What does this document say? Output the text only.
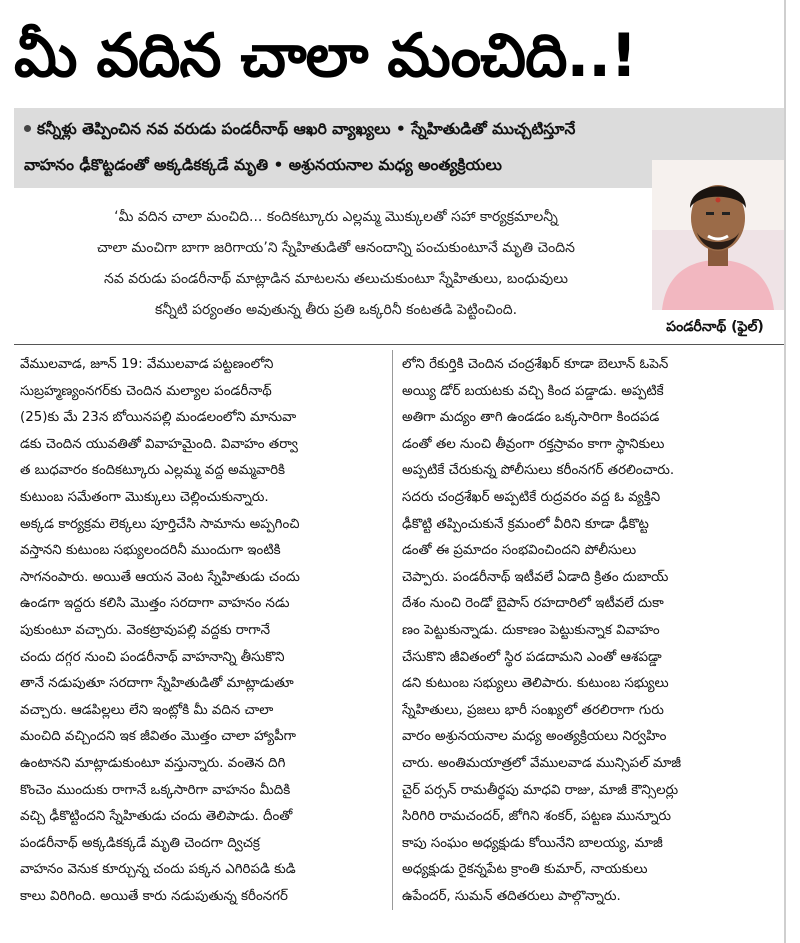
మీ వదిన చాలా మంచిది..!
కన్నీళ్లు తెప్పించిన నవ వరుడు పండరీనాథ్ ఆఖరి వ్యాఖ్యలు • స్నేహితుడితో ముచ్చటిస్తూనే
వాహనం ఢీకొట్టడంతో అక్కడికక్కడే మృతి • అశ్రునయనాల మధ్య అంత్యక్రియలు
‘మీ వదిన చాలా మంచిది... కందికట్కూరు ఎల్లమ్మ మొక్కులతో సహా కార్యక్రమాలన్నీ
చాలా మంచిగా బాగా జరిగాయ’ని స్నేహితుడితో ఆనందాన్ని పంచుకుంటూనే మృతి చెందిన
నవ వరుడు పండరీనాథ్ మాట్లాడిన మాటలను తలుచుకుంటూ స్నేహితులు, బంధువులు
కన్నీటి పర్యంతం అవుతున్న తీరు ప్రతి ఒక్కరినీ కంటతడి పెట్టించింది.
పండరీనాథ్ (ఫైల్)
వేములవాడ, జూన్ 19: వేములవాడ పట్టణంలోని
సుబ్రహ్మణ్యంనగర్‌కు చెందిన మల్యాల పండరీనాథ్
(25)కు మే 23న బోయినపల్లి మండలంలోని మానువా
డకు చెందిన యువతితో వివాహమైంది. వివాహం తర్వా
త బుధవారం కందికట్కూరు ఎల్లమ్మ వద్ద అమ్మవారికి
కుటుంబ సమేతంగా మొక్కులు చెల్లించుకున్నారు.
అక్కడ కార్యక్రమ లెక్కలు పూర్తిచేసి సామాను అప్పగించి
వస్తానని కుటుంబ సభ్యులందరినీ ముందుగా ఇంటికి
సాగనంపారు. అయితే ఆయన వెంట స్నేహితుడు చందు
ఉండగా ఇద్దరు కలిసి మొత్తం సరదాగా వాహనం నడు
పుకుంటూ వచ్చారు. వెంకట్రావుపల్లి వద్దకు రాగానే
చందు దగ్గర నుంచి పండరీనాథ్ వాహనాన్ని తీసుకొని
తానే నడుపుతూ సరదాగా స్నేహితుడితో మాట్లాడుతూ
వచ్చారు. ఆడపిల్లలు లేని ఇంట్లోకి మీ వదిన చాలా
మంచిది వచ్చిందని ఇక జీవితం మొత్తం చాలా హ్యాపీగా
ఉంటానని మాట్లాడుకుంటూ వస్తున్నారు. వంతెన దిగి
కొంచెం ముందుకు రాగానే ఒక్కసారిగా వాహనం మీదికి
వచ్చి ఢీకొట్టిందని స్నేహితుడు చందు తెలిపాడు. దీంతో
పండరీనాథ్ అక్కడికక్కడే మృతి చెందగా ద్విచక్ర
వాహనం వెనుక కూర్చున్న చందు పక్కన ఎగిరిపడి కుడి
కాలు విరిగింది. అయితే కారు నడుపుతున్న కరీంనగర్
లోని రేకుర్తికి చెందిన చంద్రశేఖర్ కూడా బెలూన్ ఓపెన్
అయ్యి డోర్ బయటకు వచ్చి కింద పడ్డాడు. అప్పటికే
అతిగా మద్యం తాగి ఉండడం ఒక్కసారిగా కిందపడ
డంతో తల నుంచి తీవ్రంగా రక్తస్రావం కాగా స్థానికులు
అప్పటికే చేరుకున్న పోలీసులు కరీంనగర్ తరలించారు.
సదరు చంద్రశేఖర్ అప్పటికే రుద్రవరం వద్ద ఓ వ్యక్తిని
ఢీకొట్టి తప్పించుకునే క్రమంలో వీరిని కూడా ఢీకొట్ట
డంతో ఈ ప్రమాదం సంభవించిందని పోలీసులు
చెప్పారు. పండరీనాథ్ ఇటీవలే ఏడాది క్రితం దుబాయ్
దేశం నుంచి రెండో బైపాస్ రహదారిలో ఇటీవలే దుకా
ణం పెట్టుకున్నాడు. దుకాణం పెట్టుకున్నాక వివాహం
చేసుకొని జీవితంలో స్థిర పడదామని ఎంతో ఆశపడ్డా
డని కుటుంబ సభ్యులు తెలిపారు. కుటుంబ సభ్యులు
స్నేహితులు, ప్రజలు భారీ సంఖ్యలో తరలిరాగా గురు
వారం అశ్రునయనాల మధ్య అంత్యక్రియలు నిర్వహిం
చారు. అంతిమయాత్రలో వేములవాడ మున్సిపల్ మాజీ
చైర్ పర్సన్ రామతీర్థపు మాధవి రాజు, మాజీ కౌన్సిలర్లు
సిరిగిరి రామచందర్, జోగిని శంకర్, పట్టణ మున్నూరు
కాపు సంఘం అధ్యక్షుడు కోయినేని బాలయ్య, మాజీ
అధ్యక్షుడు రైకన్నపేట క్రాంతి కుమార్, నాయకులు
ఉపేందర్, సుమన్ తదితరులు పాల్గొన్నారు.
